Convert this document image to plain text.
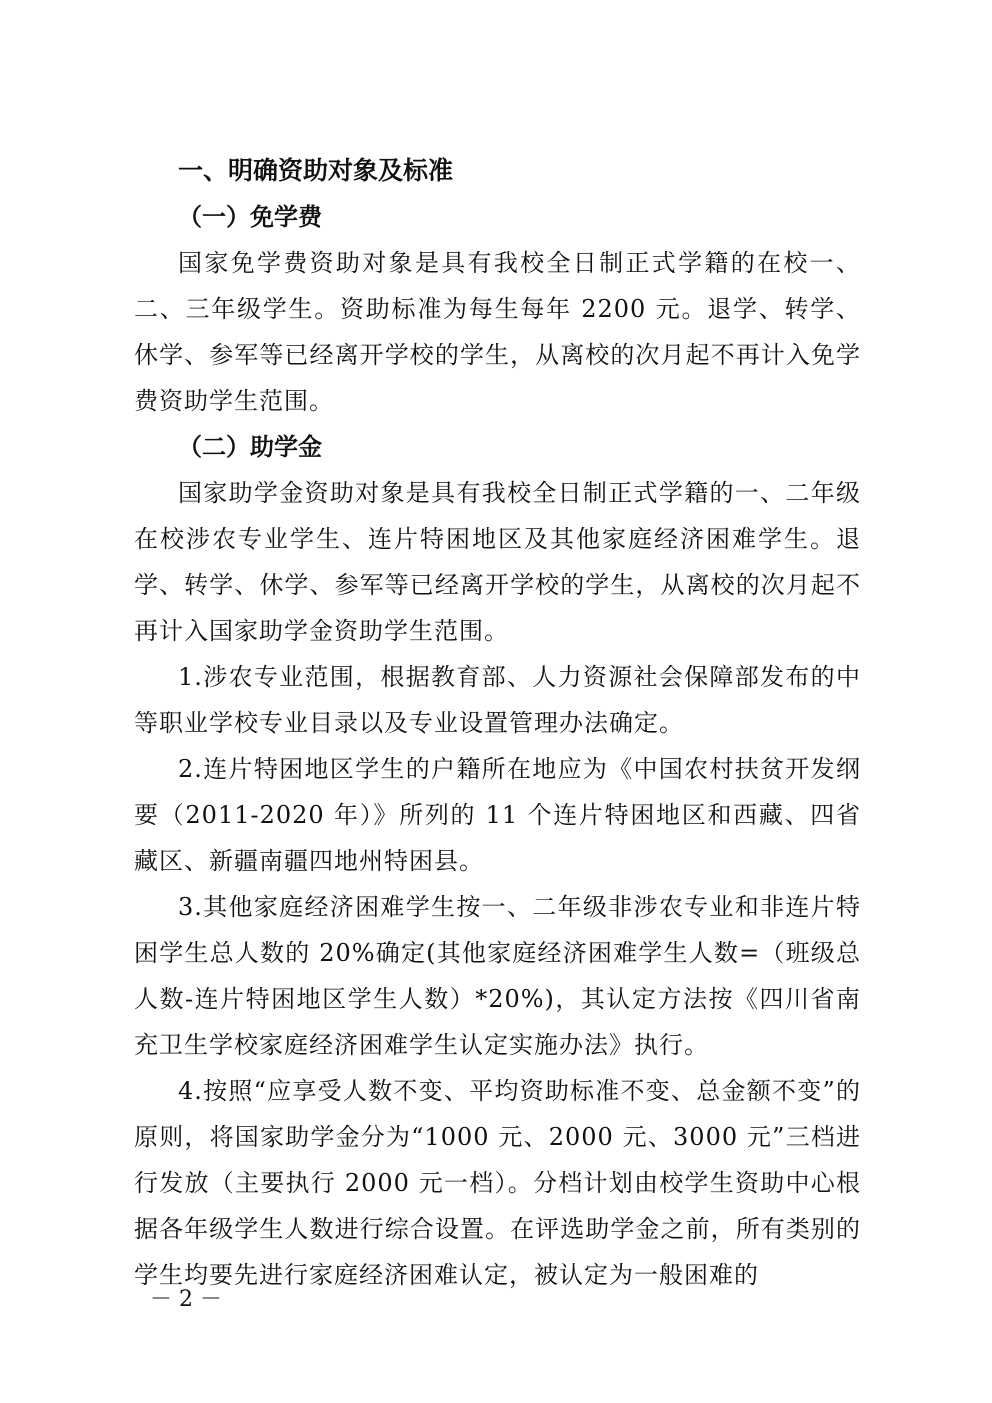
一、明确资助对象及标准
（一）免学费

国家免学费资助对象是具有我校全日制正式学籍的在校一、二、三年级学生。资助标准为每生每年 2200 元。退学、转学、休学、参军等已经离开学校的学生，从离校的次月起不再计入免学费资助学生范围。

（二）助学金

国家助学金资助对象是具有我校全日制正式学籍的一、二年级在校涉农专业学生、连片特困地区及其他家庭经济困难学生。退学、转学、休学、参军等已经离开学校的学生，从离校的次月起不再计入国家助学金资助学生范围。

1.涉农专业范围，根据教育部、人力资源社会保障部发布的中等职业学校专业目录以及专业设置管理办法确定。

2.连片特困地区学生的户籍所在地应为《中国农村扶贫开发纲要（2011-2020 年）》所列的 11 个连片特困地区和西藏、四省藏区、新疆南疆四地州特困县。

3.其他家庭经济困难学生按一、二年级非涉农专业和非连片特困学生总人数的 20%确定(其他家庭经济困难学生人数=（班级总人数-连片特困地区学生人数）*20%)，其认定方法按《四川省南充卫生学校家庭经济困难学生认定实施办法》执行。

4.按照“应享受人数不变、平均资助标准不变、总金额不变”的原则，将国家助学金分为“1000 元、2000 元、3000 元”三档进行发放（主要执行 2000 元一档）。分档计划由校学生资助中心根据各年级学生人数进行综合设置。在评选助学金之前，所有类别的学生均要先进行家庭经济困难认定，被认定为一般困难的

－ 2 －
